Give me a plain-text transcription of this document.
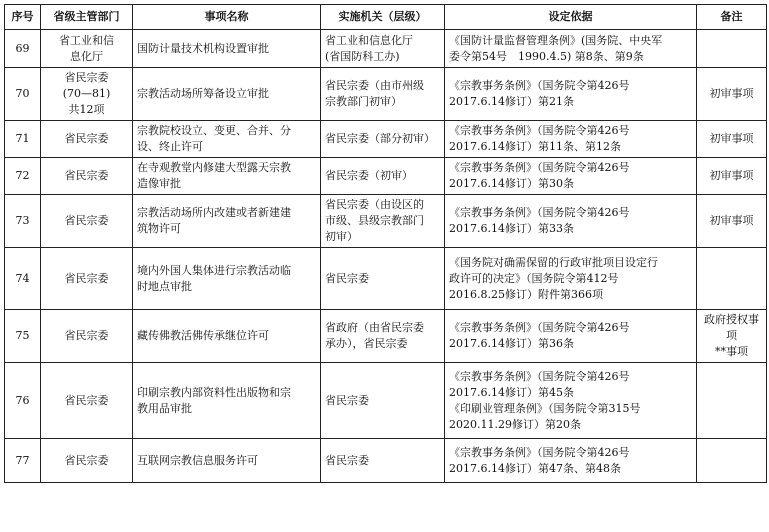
序号	省级主管部门	事项名称	实施机关（层级）	设定依据	备注
69	省工业和信
息化厅	国防计量技术机构设置审批	省工业和信息化厅
(省国防科工办)	《国防计量监督管理条例》(国务院、中央军
委令第54号　1990.4.5) 第8条、第9条	

70	省民宗委
(70—81)
共12项	宗教活动场所筹备设立审批	省民宗委（由市州级
宗教部门初审）	《宗教事务条例》（国务院令第426号
2017.6.14修订）第21条	初审事项

71	省民宗委	宗教院校设立、变更、合并、分
设、终止许可	省民宗委（部分初审）	《宗教事务条例》（国务院令第426号
2017.6.14修订）第11条、第12条	初审事项

72	省民宗委	在寺观教堂内修建大型露天宗教
造像审批	省民宗委（初审）	《宗教事务条例》（国务院令第426号
2017.6.14修订）第30条	初审事项

73	省民宗委	宗教活动场所内改建或者新建建
筑物许可	省民宗委（由设区的
市级、县级宗教部门
初审）	《宗教事务条例》（国务院令第426号
2017.6.14修订）第33条	初审事项

74	省民宗委	境内外国人集体进行宗教活动临
时地点审批	省民宗委	《国务院对确需保留的行政审批项目设定行
政许可的决定》（国务院令第412号
2016.8.25修订）附件第366项	

75	省民宗委	藏传佛教活佛传承继位许可	省政府（由省民宗委
承办），省民宗委	《宗教事务条例》（国务院令第426号
2017.6.14修订）第36条	政府授权事项
**事项

76	省民宗委	印刷宗教内部资料性出版物和宗
教用品审批	省民宗委	《宗教事务条例》（国务院令第426号
2017.6.14修订）第45条
《印刷业管理条例》（国务院令第315号
2020.11.29修订）第20条	

77	省民宗委	互联网宗教信息服务许可	省民宗委	《宗教事务条例》（国务院令第426号
2017.6.14修订）第47条、第48条	
